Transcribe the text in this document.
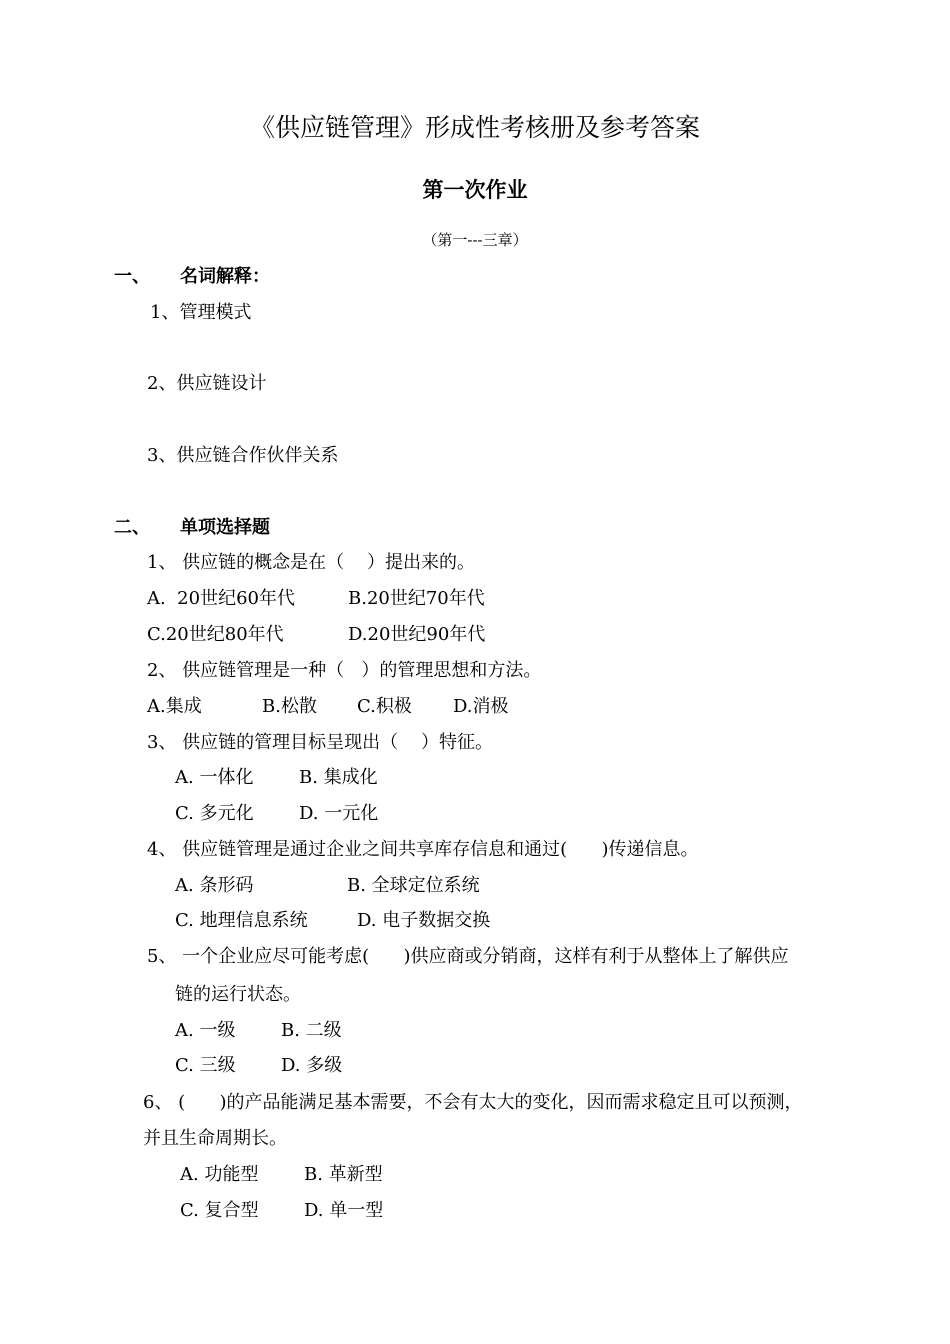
《供应链管理》形成性考核册及参考答案
第一次作业
（第一---三章）
一、 名词解释：
1、管理模式
2、供应链设计
3、供应链合作伙伴关系
二、 单项选择题
1、 供应链的概念是在（    ）提出来的。
A.  20世纪60年代	B.20世纪70年代
C.20世纪80年代	D.20世纪90年代
2、 供应链管理是一种（   ）的管理思想和方法。
A.集成	B.松散 C.积极 D.消极
3、 供应链的管理目标呈现出（    ）特征。
A. 一体化	B. 集成化
C. 多元化	D. 一元化
4、 供应链管理是通过企业之间共享库存信息和通过(      )传递信息。
A. 条形码	B. 全球定位系统
C. 地理信息系统	D. 电子数据交换
5、 一个企业应尽可能考虑(      )供应商或分销商，这样有利于从整体上了解供应
链的运行状态。
A. 一级	B. 二级
C. 三级	D. 多级
6、 (      )的产品能满足基本需要，不会有太大的变化，因而需求稳定且可以预测，
并且生命周期长。
A. 功能型	B. 革新型
C. 复合型	D. 单一型
